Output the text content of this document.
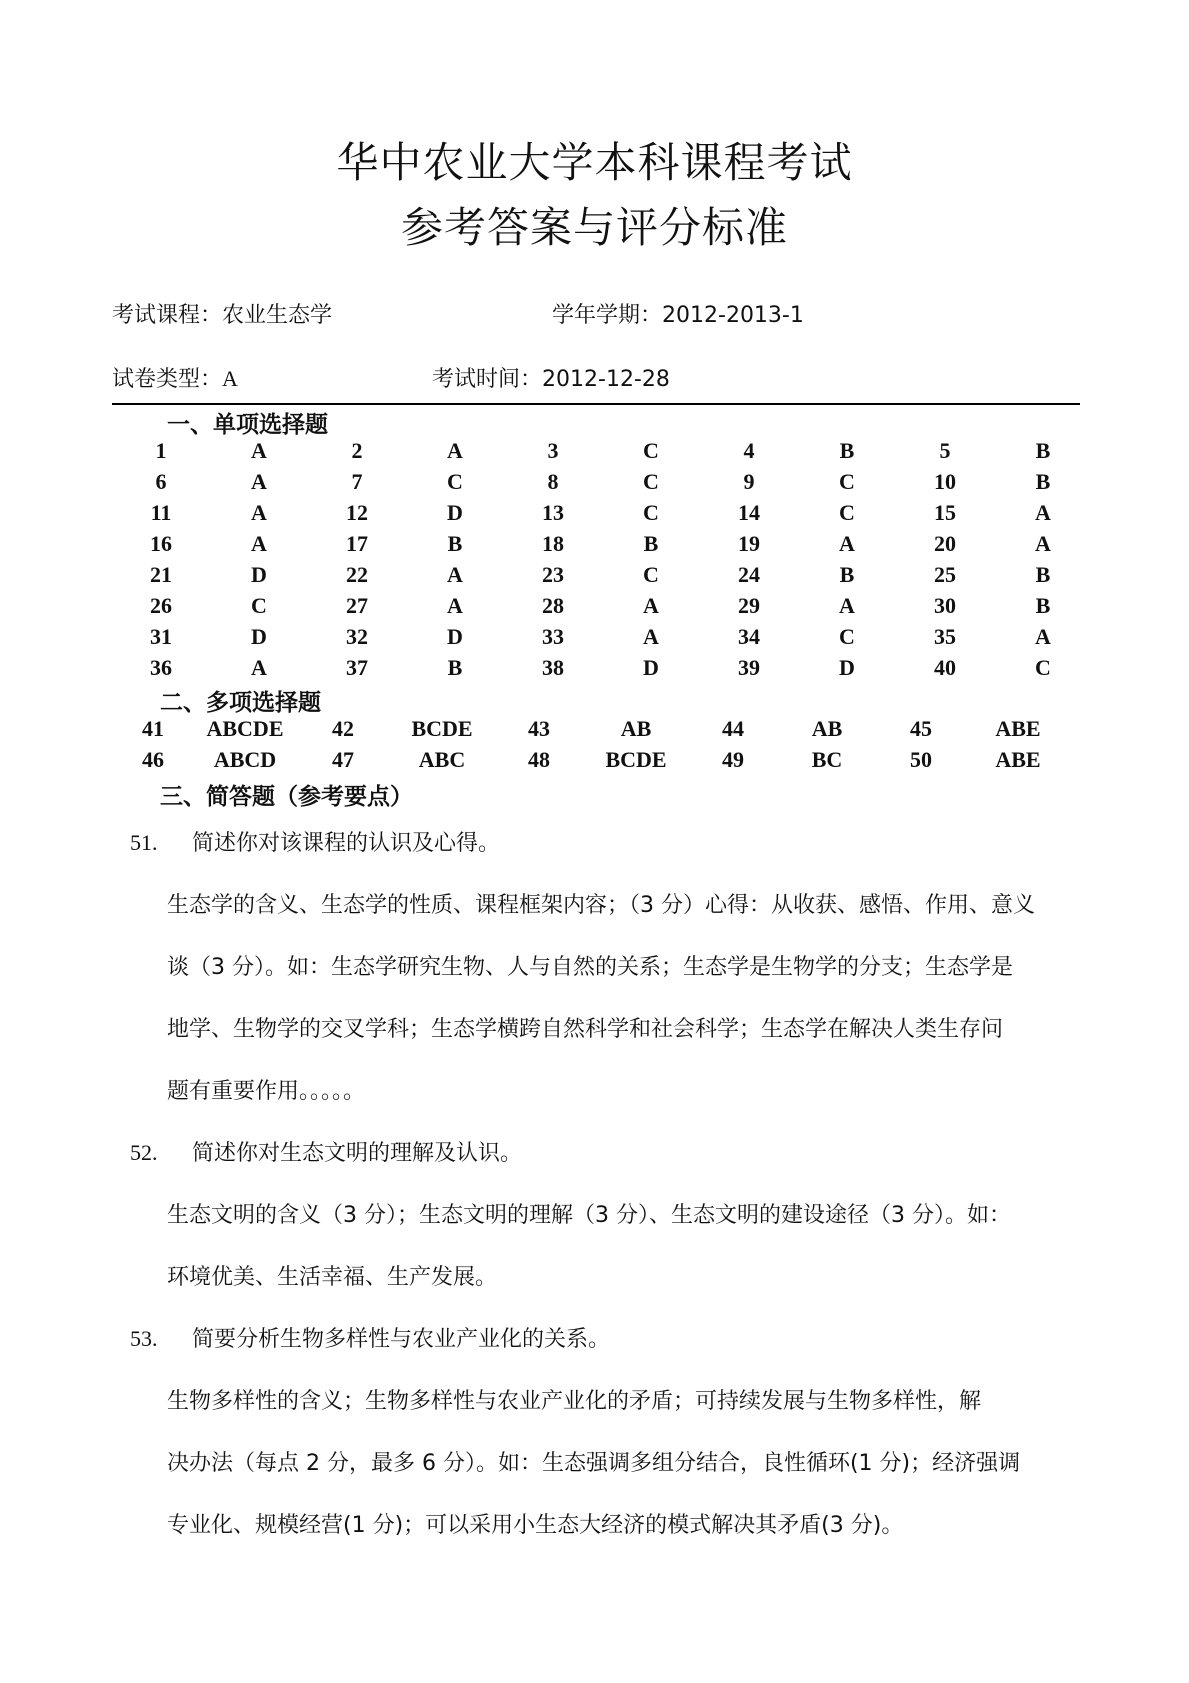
华中农业大学本科课程考试
参考答案与评分标准
考试课程：农业生态学	学年学期：2012-2013-1
试卷类型：A	考试时间：2012-12-28
一、单项选择题
1	A	2	A	3	C	4	B	5	B
6	A	7	C	8	C	9	C	10	B
11	A	12	D	13	C	14	C	15	A
16	A	17	B	18	B	19	A	20	A
21	D	22	A	23	C	24	B	25	B
26	C	27	A	28	A	29	A	30	B
31	D	32	D	33	A	34	C	35	A
36	A	37	B	38	D	39	D	40	C
二、多项选择题
41	ABCDE	42	BCDE	43	AB	44	AB	45	ABE
46	ABCD	47	ABC	48	BCDE	49	BC	50	ABE
三、简答题（参考要点）
51. 简述你对该课程的认识及心得。
生态学的含义、生态学的性质、课程框架内容；（3 分）心得：从收获、感悟、作用、意义
谈（3 分）。如：生态学研究生物、人与自然的关系；生态学是生物学的分支；生态学是
地学、生物学的交叉学科；生态学横跨自然科学和社会科学；生态学在解决人类生存问
题有重要作用。。。。。
52. 简述你对生态文明的理解及认识。
生态文明的含义（3 分）；生态文明的理解（3 分）、生态文明的建设途径（3 分）。如：
环境优美、生活幸福、生产发展。
53. 简要分析生物多样性与农业产业化的关系。
生物多样性的含义；生物多样性与农业产业化的矛盾；可持续发展与生物多样性，解
决办法（每点 2 分，最多 6 分）。如：生态强调多组分结合，良性循环(1 分)；经济强调
专业化、规模经营(1 分)；可以采用小生态大经济的模式解决其矛盾(3 分)。
